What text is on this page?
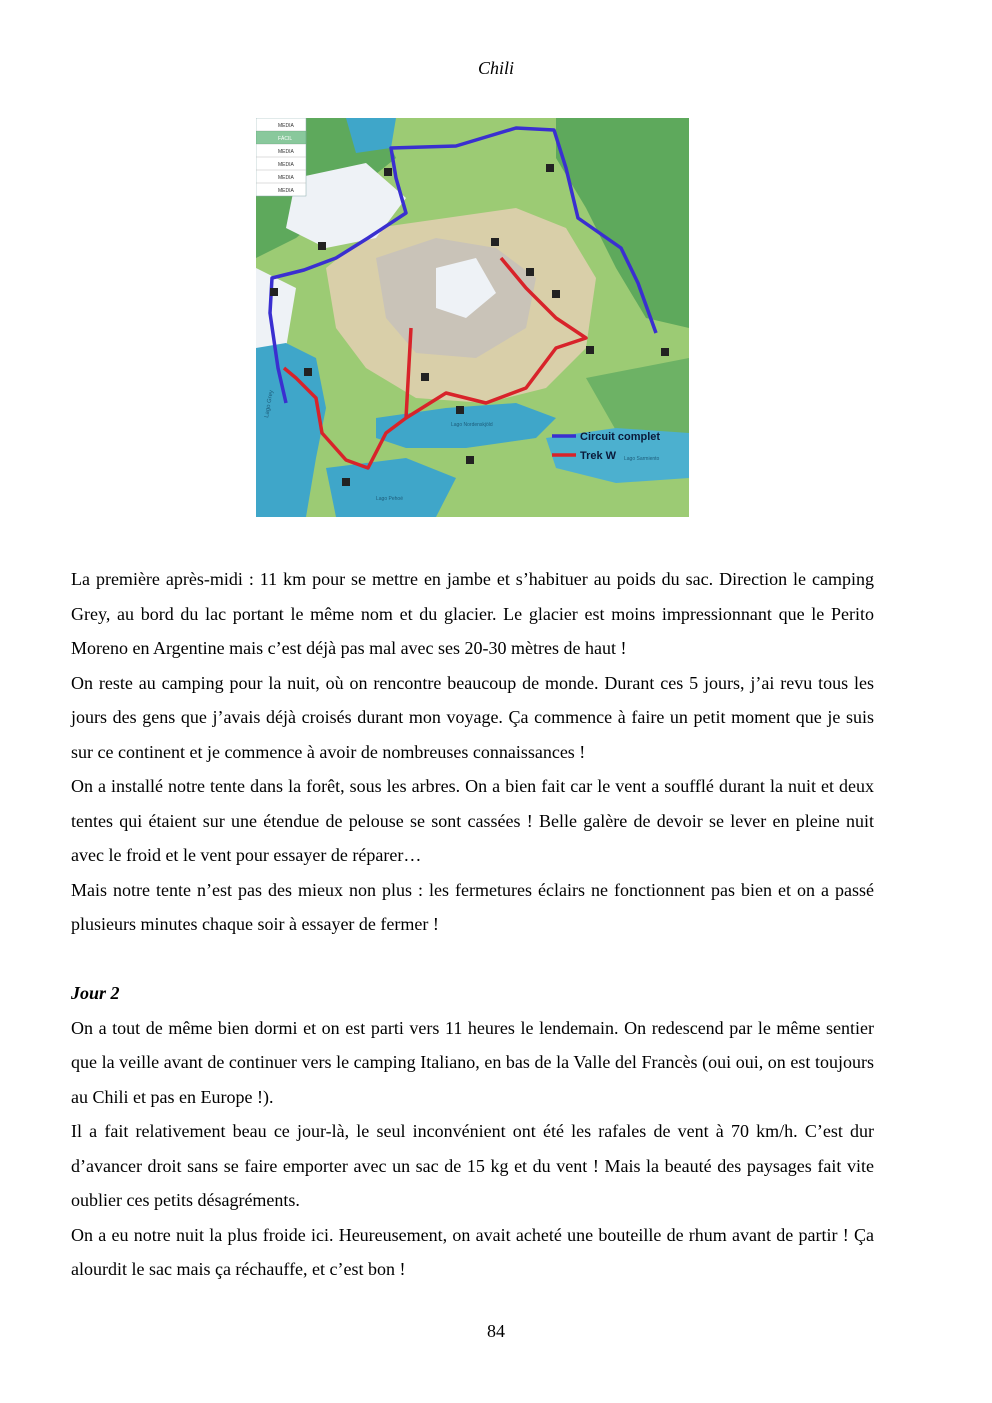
Chili
MEDIA
FÁCIL
MEDIA
MEDIA
MEDIA
MEDIA
Lago Grey
Lago Nordenskjöld
Lago Sarmiento
Lago Pehoé
Circuit complet
Trek W

La première après-midi : 11 km pour se mettre en jambe et s’habituer au poids du sac. Direction le camping Grey, au bord du lac portant le même nom et du glacier. Le glacier est moins impressionnant que le Perito Moreno en Argentine mais c’est déjà pas mal avec ses 20-30 mètres de haut !

On reste au camping pour la nuit, où on rencontre beaucoup de monde. Durant ces 5 jours, j’ai revu tous les jours des gens que j’avais déjà croisés durant mon voyage. Ça commence à faire un petit moment que je suis sur ce continent et je commence à avoir de nombreuses connaissances !

On a installé notre tente dans la forêt, sous les arbres. On a bien fait car le vent a soufflé durant la nuit et deux tentes qui étaient sur une étendue de pelouse se sont cassées ! Belle galère de devoir se lever en pleine nuit avec le froid et le vent pour essayer de réparer…

Mais notre tente n’est pas des mieux non plus : les fermetures éclairs ne fonctionnent pas bien et on a passé plusieurs minutes chaque soir à essayer de fermer !

Jour 2

On a tout de même bien dormi et on est parti vers 11 heures le lendemain. On redescend par le même sentier que la veille avant de continuer vers le camping Italiano, en bas de la Valle del Francès (oui oui, on est toujours au Chili et pas en Europe !).

Il a fait relativement beau ce jour-là, le seul inconvénient ont été les rafales de vent à 70 km/h. C’est dur d’avancer droit sans se faire emporter avec un sac de 15 kg et du vent ! Mais la beauté des paysages fait vite oublier ces petits désagréments.

On a eu notre nuit la plus froide ici. Heureusement, on avait acheté une bouteille de rhum avant de partir ! Ça alourdit le sac mais ça réchauffe, et c’est bon !

84
